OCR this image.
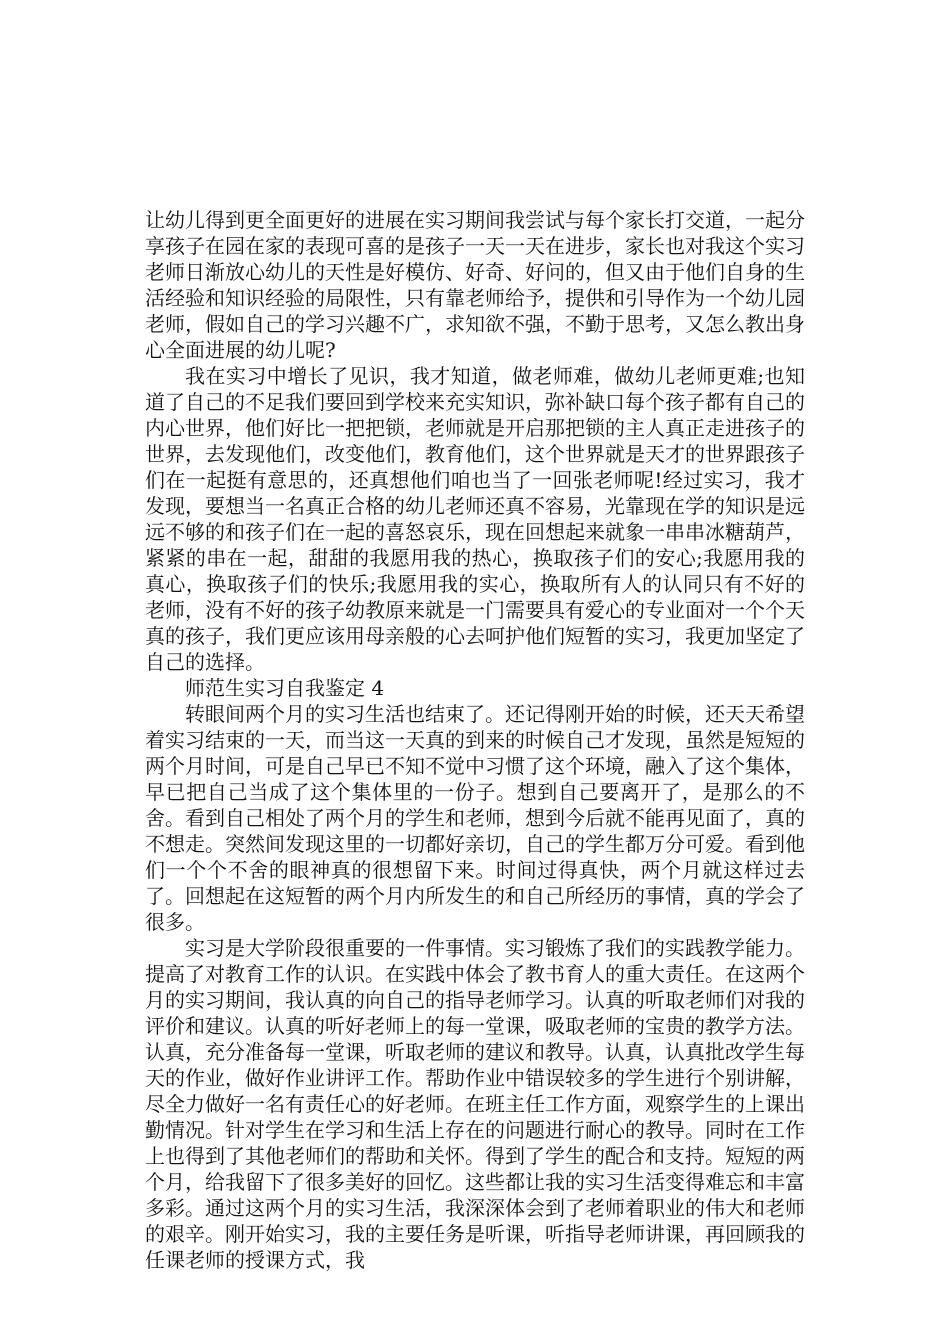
让幼儿得到更全面更好的进展在实习期间我尝试与每个家长打交道，一起分享孩子在园在家的表现可喜的是孩子一天一天在进步，家长也对我这个实习老师日渐放心幼儿的天性是好模仿、好奇、好问的，但又由于他们自身的生活经验和知识经验的局限性，只有靠老师给予，提供和引导作为一个幼儿园老师，假如自己的学习兴趣不广，求知欲不强，不勤于思考，又怎么教出身心全面进展的幼儿呢?

我在实习中增长了见识，我才知道，做老师难，做幼儿老师更难;也知道了自己的不足我们要回到学校来充实知识，弥补缺口每个孩子都有自己的内心世界，他们好比一把把锁，老师就是开启那把锁的主人真正走进孩子的世界，去发现他们，改变他们，教育他们，这个世界就是天才的世界跟孩子们在一起挺有意思的，还真想他们咱也当了一回张老师呢!经过实习，我才发现，要想当一名真正合格的幼儿老师还真不容易，光靠现在学的知识是远远不够的和孩子们在一起的喜怒哀乐，现在回想起来就象一串串冰糖葫芦，紧紧的串在一起，甜甜的我愿用我的热心，换取孩子们的安心;我愿用我的真心，换取孩子们的快乐;我愿用我的实心，换取所有人的认同只有不好的老师，没有不好的孩子幼教原来就是一门需要具有爱心的专业面对一个个天真的孩子，我们更应该用母亲般的心去呵护他们短暂的实习，我更加坚定了自己的选择。

师范生实习自我鉴定 4

转眼间两个月的实习生活也结束了。还记得刚开始的时候，还天天希望着实习结束的一天，而当这一天真的到来的时候自己才发现，虽然是短短的两个月时间，可是自己早已不知不觉中习惯了这个环境，融入了这个集体，早已把自己当成了这个集体里的一份子。想到自己要离开了，是那么的不舍。看到自己相处了两个月的学生和老师，想到今后就不能再见面了，真的不想走。突然间发现这里的一切都好亲切，自己的学生都万分可爱。看到他们一个个不舍的眼神真的很想留下来。时间过得真快，两个月就这样过去了。回想起在这短暂的两个月内所发生的和自己所经历的事情，真的学会了很多。

实习是大学阶段很重要的一件事情。实习锻炼了我们的实践教学能力。提高了对教育工作的认识。在实践中体会了教书育人的重大责任。在这两个月的实习期间，我认真的向自己的指导老师学习。认真的听取老师们对我的评价和建议。认真的听好老师上的每一堂课，吸取老师的宝贵的教学方法。认真，充分准备每一堂课，听取老师的建议和教导。认真，认真批改学生每天的作业，做好作业讲评工作。帮助作业中错误较多的学生进行个别讲解，尽全力做好一名有责任心的好老师。在班主任工作方面，观察学生的上课出勤情况。针对学生在学习和生活上存在的问题进行耐心的教导。同时在工作上也得到了其他老师们的帮助和关怀。得到了学生的配合和支持。短短的两个月，给我留下了很多美好的回忆。这些都让我的实习生活变得难忘和丰富多彩。通过这两个月的实习生活，我深深体会到了老师着职业的伟大和老师的艰辛。刚开始实习，我的主要任务是听课，听指导老师讲课，再回顾我的任课老师的授课方式，我
